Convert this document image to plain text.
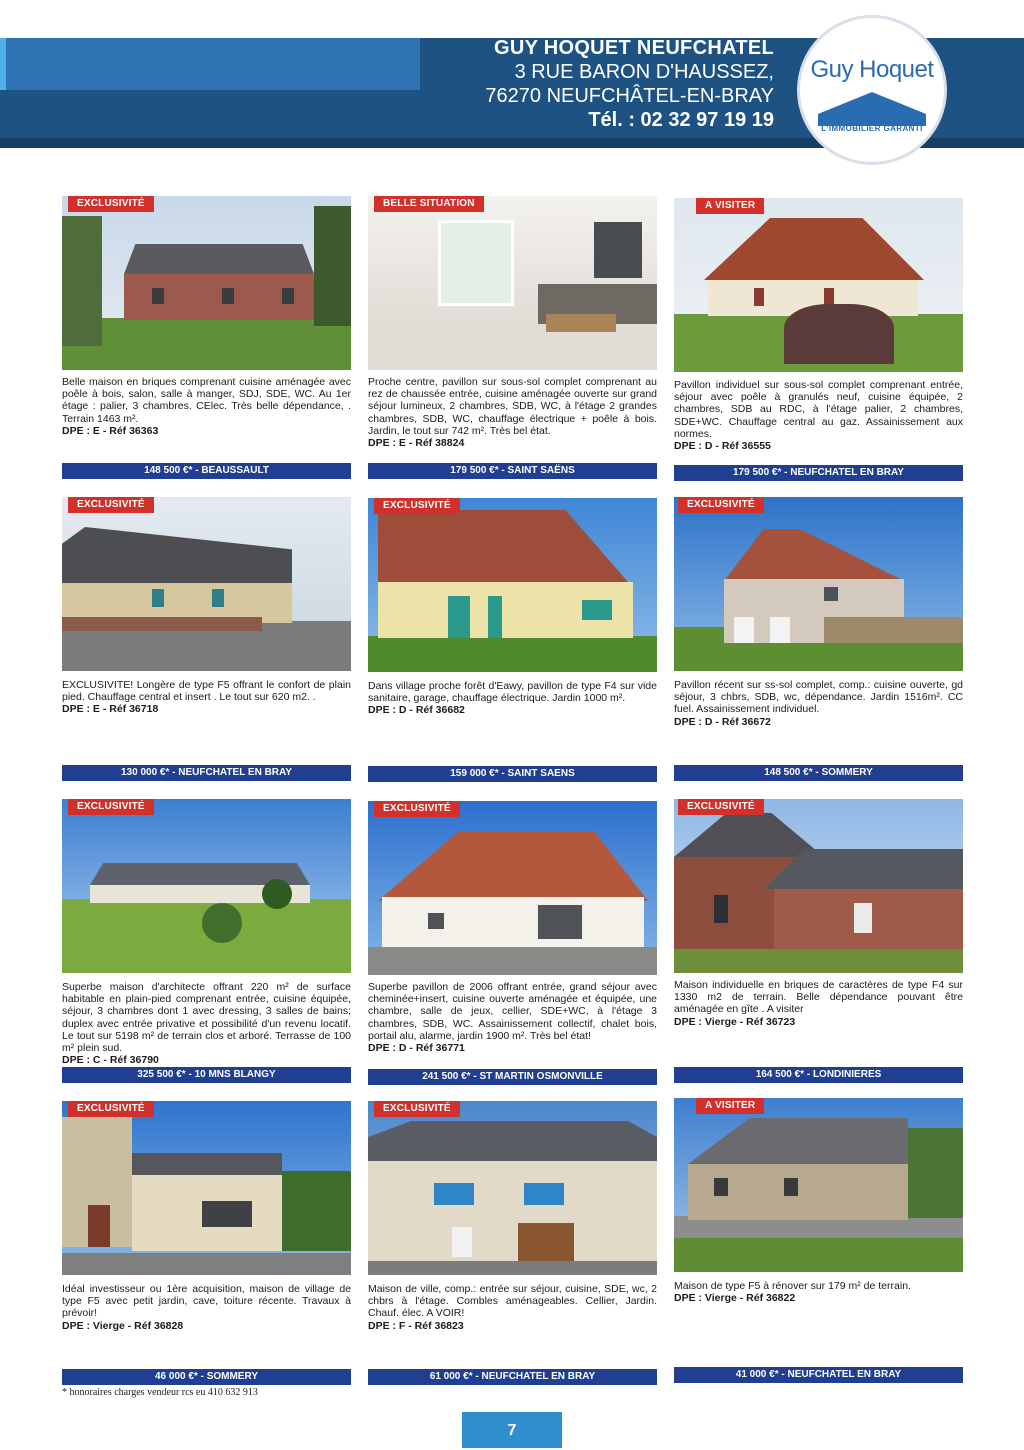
GUY HOQUET NEUFCHATEL
3 RUE BARON D'HAUSSEZ,
76270 NEUFCHÂTEL-EN-BRAY
Tél. : 02 32 97 19 19
Guy Hoquet
L'IMMOBILIER GARANTI
EXCLUSIVITÉ
Belle maison en briques comprenant cuisine aménagée avec poêle à bois, salon, salle à manger, SDJ, SDE, WC. Au 1er étage : palier, 3 chambres. CElec. Très belle dépendance, . Terrain 1463 m².
DPE : E - Réf 36363
148 500 €* - BEAUSSAULT
BELLE SITUATION
Proche centre, pavillon sur sous-sol complet comprenant au rez de chaussée entrée, cuisine aménagée ouverte sur grand séjour lumineux, 2 chambres, SDB, WC, à l'étage 2 grandes chambres, SDB, WC, chauffage électrique + poêle à bois. Jardin, le tout sur 742 m². Très bel état.
DPE : E - Réf 38824
179 500 €* - SAINT SAËNS
A VISITER
Pavillon individuel sur sous-sol complet comprenant entrée, séjour avec poêle à granulés neuf, cuisine équipée, 2 chambres, SDB au RDC, à l'étage palier, 2 chambres, SDE+WC. Chauffage central au gaz. Assainissement aux normes.
DPE : D - Réf 36555
179 500 €* - NEUFCHATEL EN BRAY
EXCLUSIVITÉ
EXCLUSIVITE! Longère de type F5 offrant le confort de plain pied. Chauffage central et insert . Le tout sur 620 m2. .
DPE : E - Réf 36718
130 000 €* - NEUFCHATEL EN BRAY
EXCLUSIVITÉ
Dans village proche forêt d'Eawy, pavillon de type F4 sur vide sanitaire, garage, chauffage électrique. Jardin 1000 m².
DPE : D - Réf 36682
159 000 €* - SAINT SAENS
EXCLUSIVITÉ
Pavillon récent sur ss-sol complet, comp.: cuisine ouverte, gd séjour, 3 chbrs, SDB, wc, dépendance. Jardin 1516m². CC fuel. Assainissement individuel.
DPE : D - Réf 36672
148 500 €* - SOMMERY
EXCLUSIVITÉ
Superbe maison d'architecte offrant 220 m² de surface habitable en plain-pied comprenant entrée, cuisine équipée, séjour, 3 chambres dont 1 avec dressing, 3 salles de bains; duplex avec entrée privative et possibilité d'un revenu locatif. Le tout sur 5198 m² de terrain clos et arboré. Terrasse de 100 m² plein sud.
DPE : C - Réf 36790
325 500 €* - 10 MNS BLANGY
EXCLUSIVITÉ
Superbe pavillon de 2006 offrant entrée, grand séjour avec cheminée+insert, cuisine ouverte aménagée et équipée, une chambre, salle de jeux, cellier, SDE+WC, à l'étage 3 chambres, SDB, WC. Assainissement collectif, chalet bois, portail alu, alarme, jardin 1900 m². Très bel état!
DPE : D - Réf 36771
241 500 €* - ST MARTIN OSMONVILLE
EXCLUSIVITÉ
Maison individuelle en briques de caractères de type F4 sur 1330 m2 de terrain. Belle dépendance pouvant être aménagée en gîte . A visiter
DPE : Vierge - Réf 36723
164 500 €* - LONDINIERES
EXCLUSIVITÉ
Idéal investisseur ou 1ère acquisition, maison de village de type F5 avec petit jardin, cave, toiture récente. Travaux à prévoir!
DPE : Vierge - Réf 36828
46 000 €* - SOMMERY
EXCLUSIVITÉ
Maison de ville, comp.: entrée sur séjour, cuisine, SDE, wc, 2 chbrs à l'étage. Combles aménageables. Cellier, Jardin. Chauf. élec. A VOIR!
DPE : F - Réf 36823
61 000 €* - NEUFCHATEL EN BRAY
A VISITER
Maison de type F5 à rénover sur 179 m² de terrain.
DPE : Vierge - Réf 36822
41 000 €* - NEUFCHATEL EN BRAY
* honoraires charges vendeur rcs eu 410 632 913
7
